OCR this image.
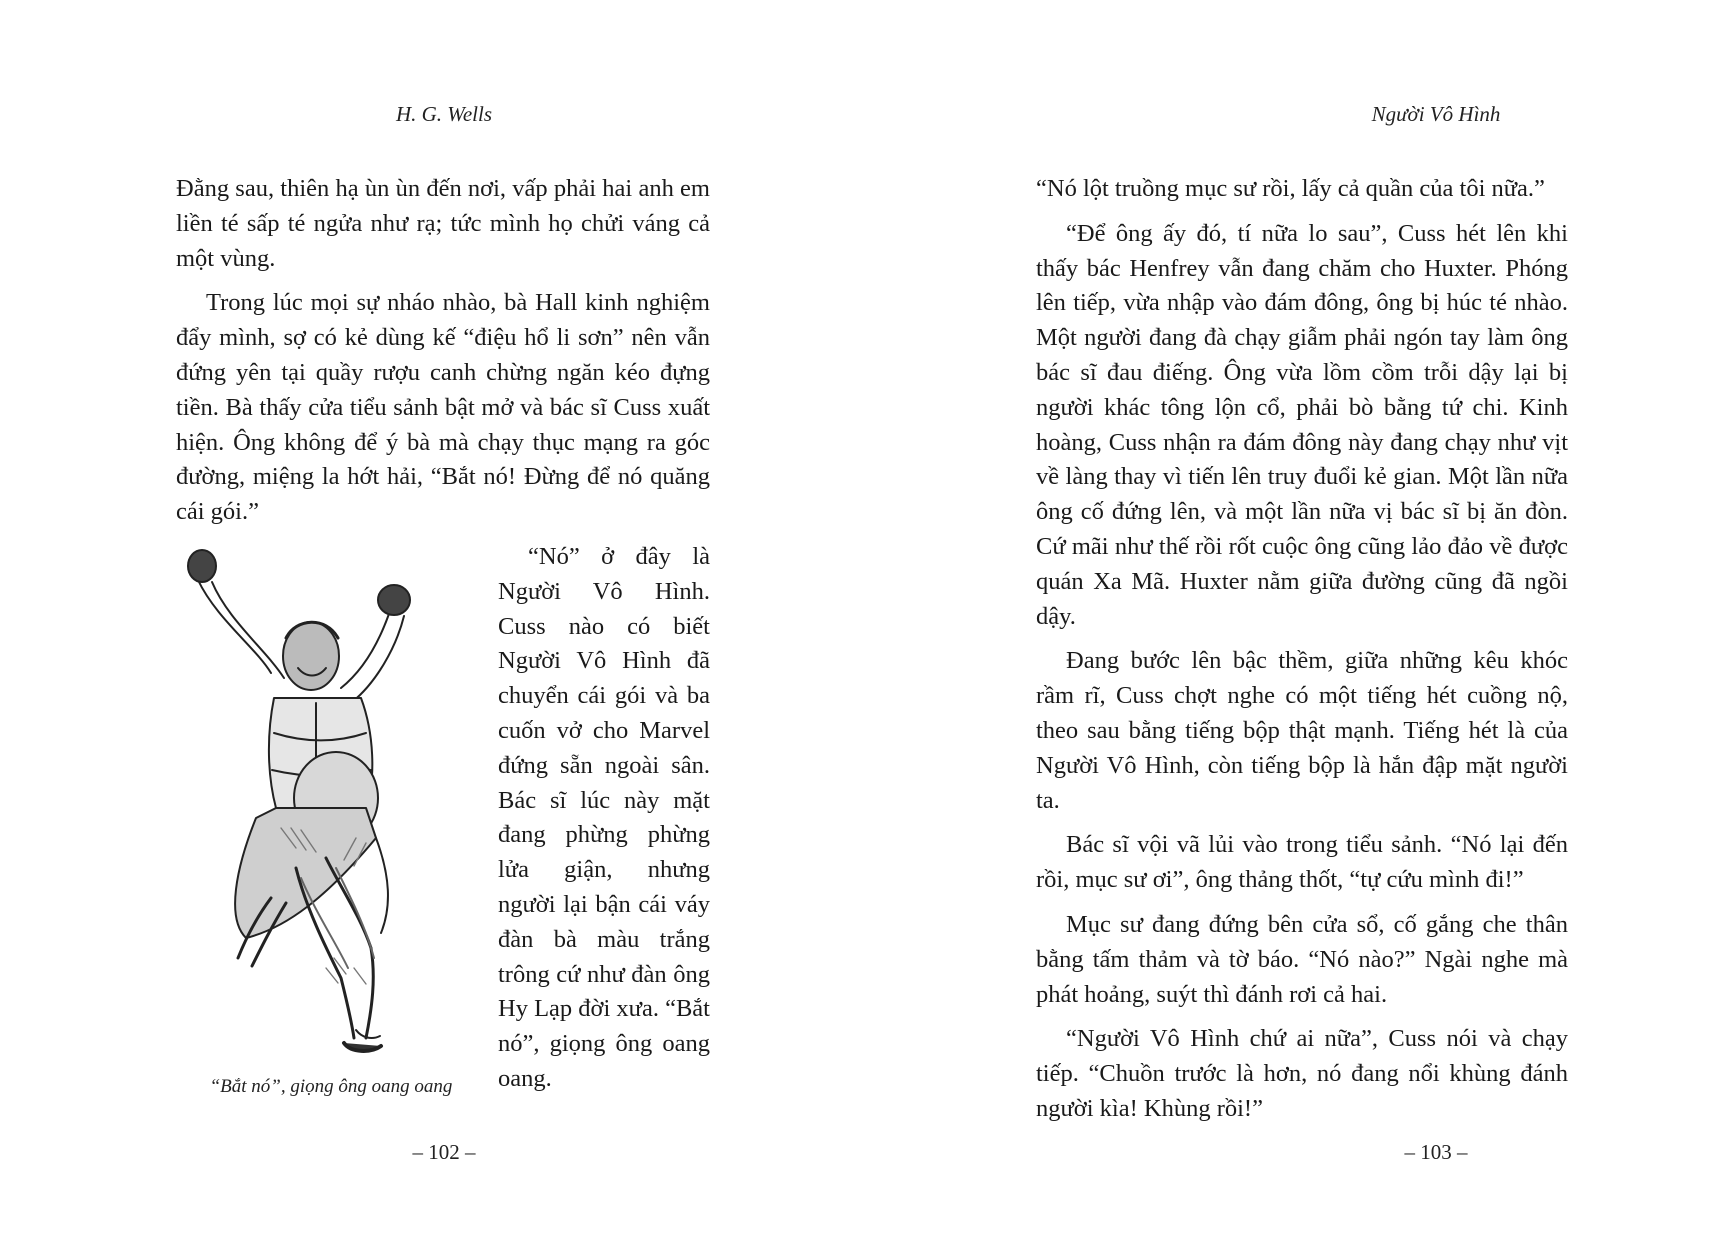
H. G. Wells

Đằng sau, thiên hạ ùn ùn đến nơi, vấp phải hai anh em liền té sấp té ngửa như rạ; tức mình họ chửi váng cả một vùng.

Trong lúc mọi sự nháo nhào, bà Hall kinh nghiệm đẩy mình, sợ có kẻ dùng kế “điệu hổ li sơn” nên vẫn đứng yên tại quầy rượu canh chừng ngăn kéo đựng tiền. Bà thấy cửa tiểu sảnh bật mở và bác sĩ Cuss xuất hiện. Ông không để ý bà mà chạy thục mạng ra góc đường, miệng la hớt hải, “Bắt nó! Đừng để nó quăng cái gói.”

“Nó” ở đây là Người Vô Hình. Cuss nào có biết Người Vô Hình đã chuyển cái gói và ba cuốn vở cho Marvel đứng sẵn ngoài sân. Bác sĩ lúc này mặt đang phừng phừng lửa giận, nhưng người lại bận cái váy đàn bà màu trắng trông cứ như đàn ông Hy Lạp đời xưa. “Bắt nó”, giọng ông oang oang.

“Bắt nó”, giọng ông oang oang
– 102 –
Người Vô Hình

“Nó lột truồng mục sư rồi, lấy cả quần của tôi nữa.”

“Để ông ấy đó, tí nữa lo sau”, Cuss hét lên khi thấy bác Henfrey vẫn đang chăm cho Huxter. Phóng lên tiếp, vừa nhập vào đám đông, ông bị húc té nhào. Một người đang đà chạy giẫm phải ngón tay làm ông bác sĩ đau điếng. Ông vừa lồm cồm trỗi dậy lại bị người khác tông lộn cổ, phải bò bằng tứ chi. Kinh hoàng, Cuss nhận ra đám đông này đang chạy như vịt về làng thay vì tiến lên truy đuổi kẻ gian. Một lần nữa ông cố đứng lên, và một lần nữa vị bác sĩ bị ăn đòn. Cứ mãi như thế rồi rốt cuộc ông cũng lảo đảo về được quán Xa Mã. Huxter nằm giữa đường cũng đã ngồi dậy.

Đang bước lên bậc thềm, giữa những kêu khóc rầm rĩ, Cuss chợt nghe có một tiếng hét cuồng nộ, theo sau bằng tiếng bộp thật mạnh. Tiếng hét là của Người Vô Hình, còn tiếng bộp là hắn đập mặt người ta.

Bác sĩ vội vã lủi vào trong tiểu sảnh. “Nó lại đến rồi, mục sư ơi”, ông thảng thốt, “tự cứu mình đi!”

Mục sư đang đứng bên cửa sổ, cố gắng che thân bằng tấm thảm và tờ báo. “Nó nào?” Ngài nghe mà phát hoảng, suýt thì đánh rơi cả hai.

“Người Vô Hình chứ ai nữa”, Cuss nói và chạy tiếp. “Chuồn trước là hơn, nó đang nổi khùng đánh người kìa! Khùng rồi!”

– 103 –
